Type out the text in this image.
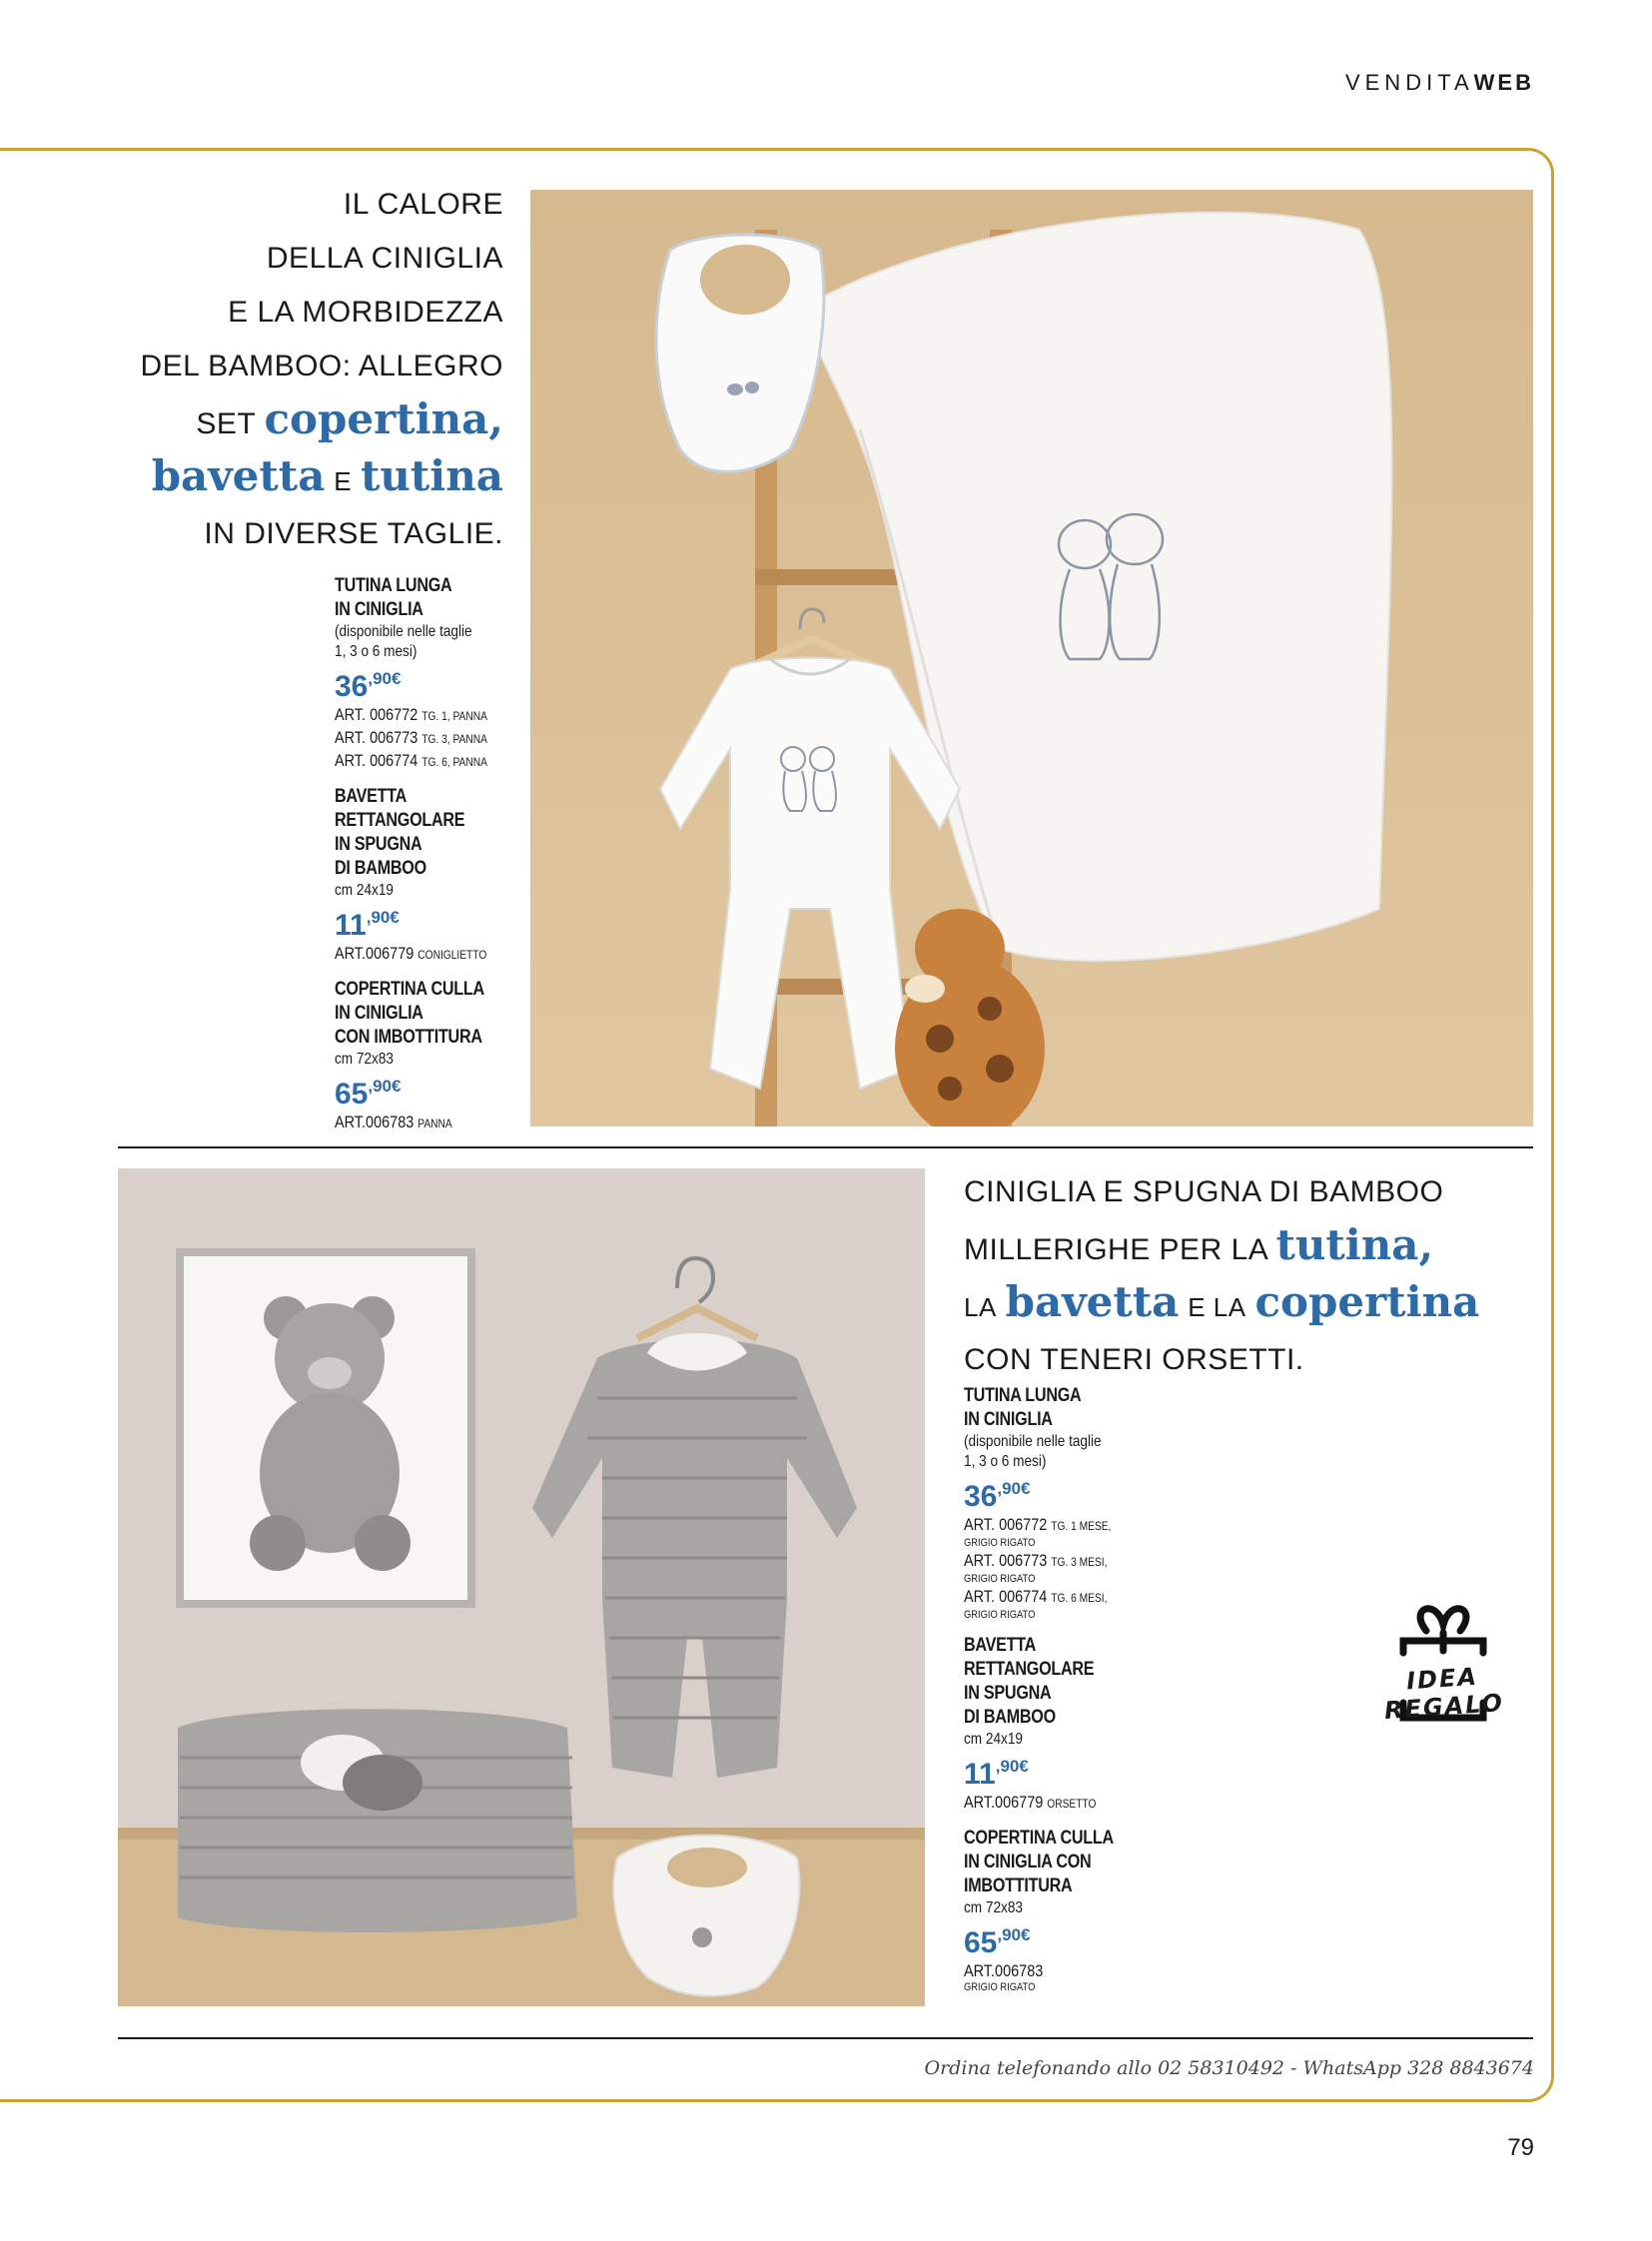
VENDITAWEB
IL CALORE
DELLA CINIGLIA
E LA MORBIDEZZA
DEL BAMBOO: ALLEGRO
SET copertina,
bavetta E tutina
IN DIVERSE TAGLIE.
TUTINA LUNGA
IN CINIGLIA
(disponibile nelle taglie
1, 3 o 6 mesi)
$36^{,90€}$
ART. 006772 TG. 1, PANNA
ART. 006773 TG. 3, PANNA
ART. 006774 TG. 6, PANNA
BAVETTA
RETTANGOLARE
IN SPUGNA
DI BAMBOO
cm 24x19
$11^{,90€}$
ART.006779 CONIGLIETTO
COPERTINA CULLA
IN CINIGLIA
CON IMBOTTITURA
cm 72x83
$65^{,90€}$
ART.006783 PANNA
CINIGLIA E SPUGNA DI BAMBOO
MILLERIGHE PER LA tutina,
LA bavetta E LA copertina
CON TENERI ORSETTI.
TUTINA LUNGA
IN CINIGLIA
(disponibile nelle taglie
1, 3 o 6 mesi)
$36^{,90€}$
ART. 006772 TG. 1 MESE,
GRIGIO RIGATO
ART. 006773 TG. 3 MESI,
GRIGIO RIGATO
ART. 006774 TG. 6 MESI,
GRIGIO RIGATO
BAVETTA
RETTANGOLARE
IN SPUGNA
DI BAMBOO
cm 24x19
$11^{,90€}$
ART.006779 ORSETTO
COPERTINA CULLA
IN CINIGLIA CON
IMBOTTITURA
cm 72x83
$65^{,90€}$
ART.006783
GRIGIO RIGATO
IDEA REGALO
Ordina telefonando allo 02 58310492 - WhatsApp 328 8843674
79
